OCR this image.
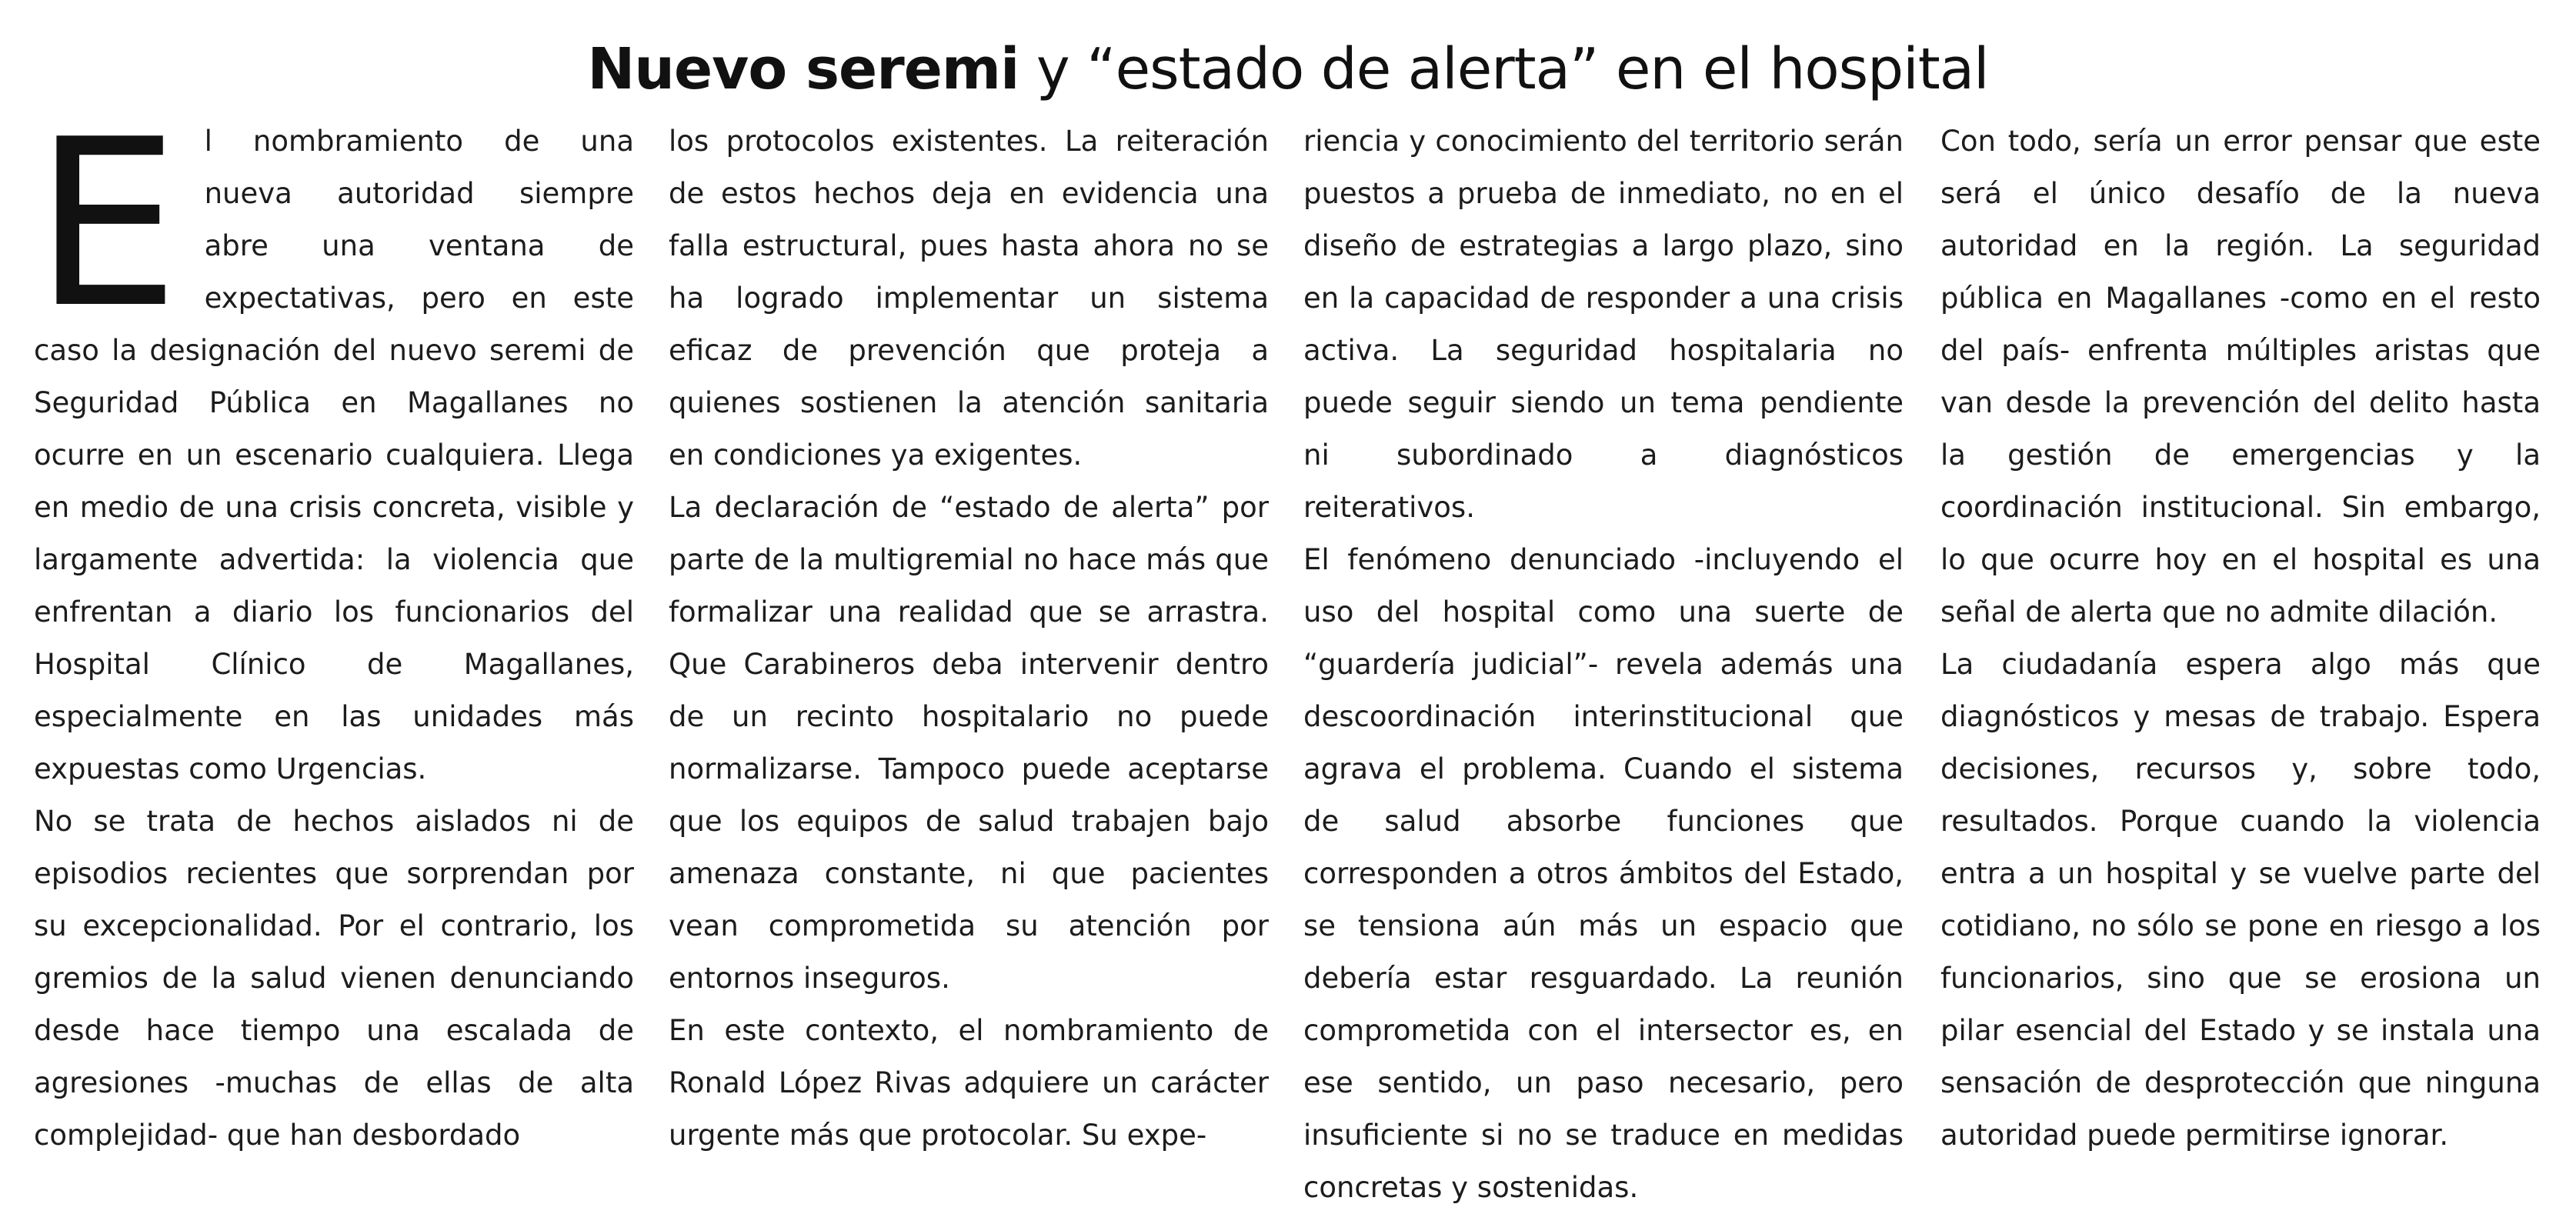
Nuevo seremi y “estado de alerta” en el hospital
E l nombramiento de una nueva autoridad siempre abre una ventana de expectativas, pero en este caso la designación del nuevo seremi de Seguridad Pública en Magallanes no ocurre en un escenario cualquiera. Llega en medio de una crisis concreta, visible y largamente advertida: la violencia que enfrentan a diario los funcionarios del Hospital Clínico de Magallanes, especialmente en las unidades más expuestas como Urgencias.

No se trata de hechos aislados ni de episodios recientes que sorprendan por su excepcionalidad. Por el contrario, los gremios de la salud vienen denunciando desde hace tiempo una escalada de agresiones -muchas de ellas de alta complejidad- que han desbordado

los protocolos existentes. La reiteración de estos hechos deja en evidencia una falla estructural, pues hasta ahora no se ha logrado implementar un sistema eficaz de prevención que proteja a quienes sostienen la atención sanitaria en condiciones ya exigentes.

La declaración de “estado de alerta” por parte de la multigremial no hace más que formalizar una realidad que se arrastra. Que Carabineros deba intervenir dentro de un recinto hospitalario no puede normalizarse. Tampoco puede aceptarse que los equipos de salud trabajen bajo amenaza constante, ni que pacientes vean comprometida su atención por entornos inseguros.

En este contexto, el nombramiento de Ronald López Rivas adquiere un carácter urgente más que protocolar. Su expe-

riencia y conocimiento del territorio serán puestos a prueba de inmediato, no en el diseño de estrategias a largo plazo, sino en la capacidad de responder a una crisis activa. La seguridad hospitalaria no puede seguir siendo un tema pendiente ni subordinado a diagnósticos reiterativos.

El fenómeno denunciado -incluyendo el uso del hospital como una suerte de “guardería judicial”- revela además una descoordinación interinstitucional que agrava el problema. Cuando el sistema de salud absorbe funciones que corresponden a otros ámbitos del Estado, se tensiona aún más un espacio que debería estar resguardado. La reunión comprometida con el intersector es, en ese sentido, un paso necesario, pero insuficiente si no se traduce en medidas concretas y sostenidas.

Con todo, sería un error pensar que este será el único desafío de la nueva autoridad en la región. La seguridad pública en Magallanes -como en el resto del país- enfrenta múltiples aristas que van desde la prevención del delito hasta la gestión de emergencias y la coordinación institucional. Sin embargo, lo que ocurre hoy en el hospital es una señal de alerta que no admite dilación.

La ciudadanía espera algo más que diagnósticos y mesas de trabajo. Espera decisiones, recursos y, sobre todo, resultados. Porque cuando la violencia entra a un hospital y se vuelve parte del cotidiano, no sólo se pone en riesgo a los funcionarios, sino que se erosiona un pilar esencial del Estado y se instala una sensación de desprotección que ninguna autoridad puede permitirse ignorar.
